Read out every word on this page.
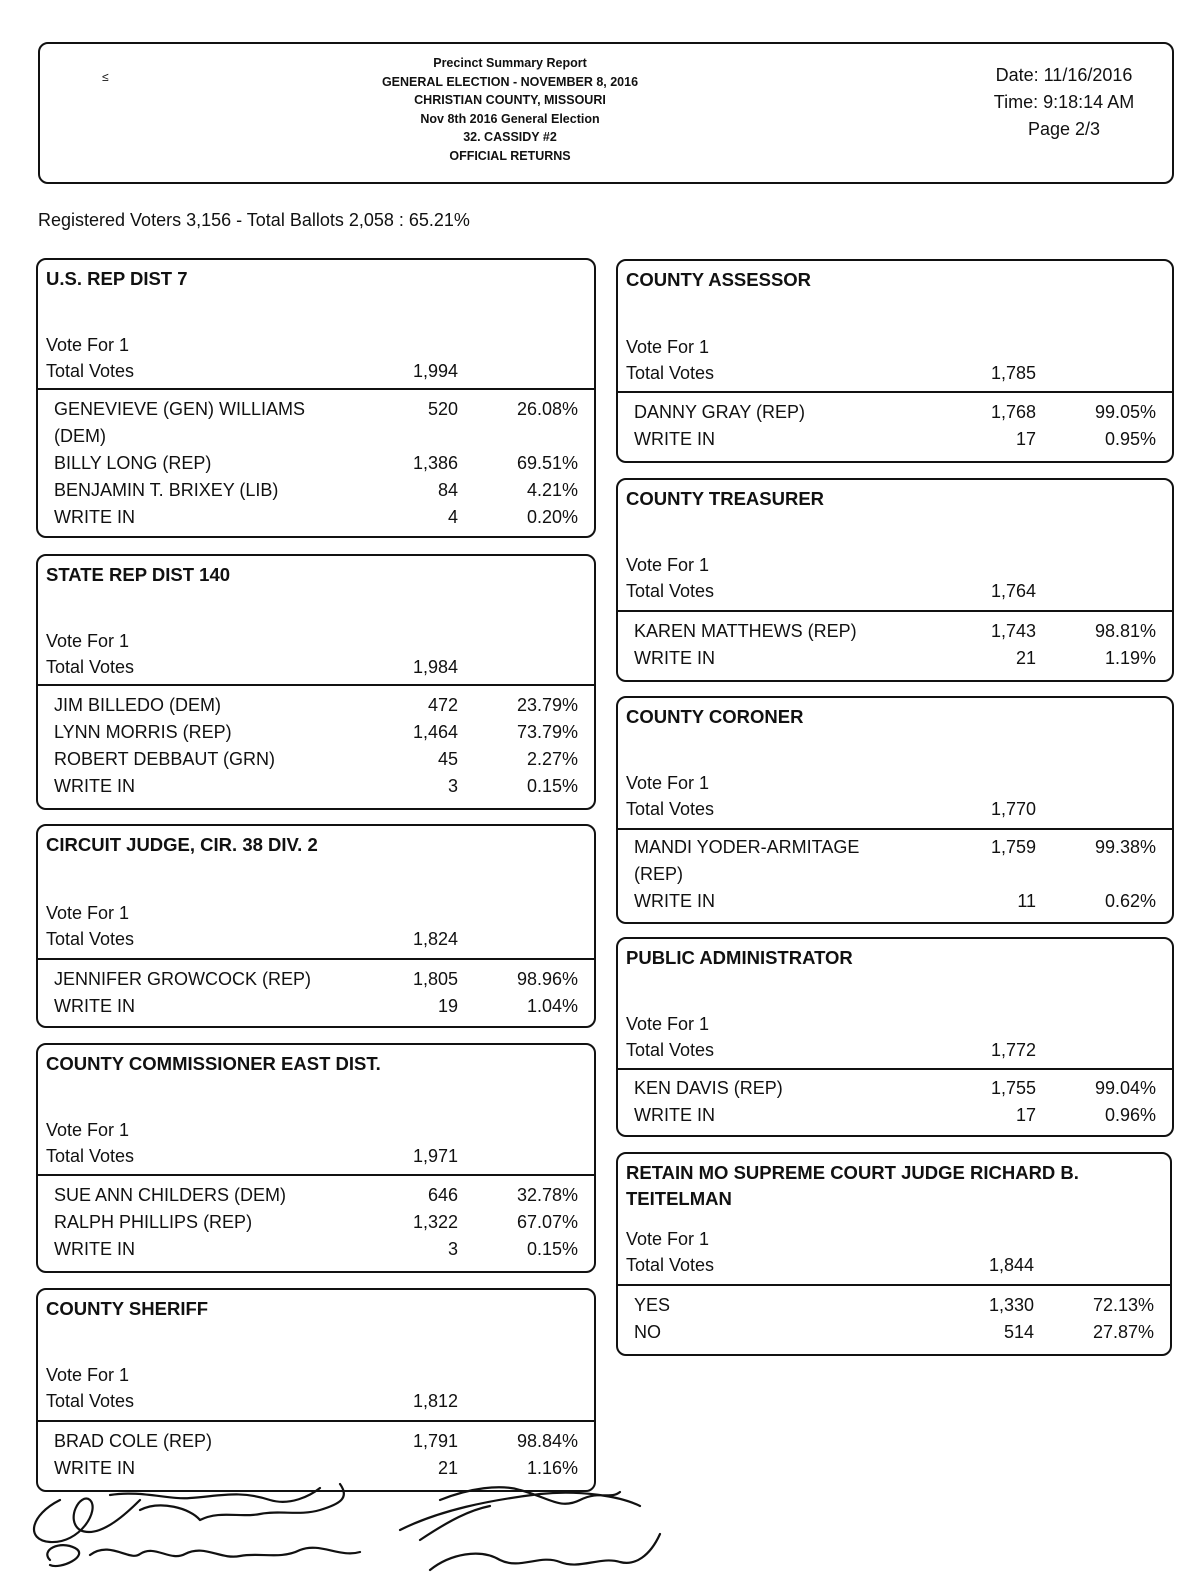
≤
Precinct Summary Report
GENERAL ELECTION - NOVEMBER 8, 2016
CHRISTIAN COUNTY, MISSOURI
Nov 8th 2016 General Election
32. CASSIDY #2
OFFICIAL RETURNS
Date: 11/16/2016
Time: 9:18:14 AM
Page 2/3
Registered Voters 3,156 - Total Ballots 2,058 : 65.21%
U.S. REP DIST 7
Vote For 1
Total Votes	1,994
GENEVIEVE (GEN) WILLIAMS (DEM)
520	26.08%
BILLY LONG (REP)	1,386	69.51%
BENJAMIN T. BRIXEY (LIB)	84	4.21%
WRITE IN	4	0.20%
STATE REP DIST 140
Vote For 1
Total Votes	1,984
JIM BILLEDO (DEM)	472	23.79%
LYNN MORRIS (REP)	1,464	73.79%
ROBERT DEBBAUT (GRN)	45	2.27%
WRITE IN	3	0.15%
CIRCUIT JUDGE, CIR. 38 DIV. 2
Vote For 1
Total Votes	1,824
JENNIFER GROWCOCK (REP)	1,805	98.96%
WRITE IN	19	1.04%
COUNTY COMMISSIONER EAST DIST.
Vote For 1
Total Votes	1,971
SUE ANN CHILDERS (DEM)	646	32.78%
RALPH PHILLIPS (REP)	1,322	67.07%
WRITE IN	3	0.15%
COUNTY SHERIFF
Vote For 1
Total Votes	1,812
BRAD COLE (REP)	1,791	98.84%
WRITE IN	21	1.16%
COUNTY ASSESSOR
Vote For 1
Total Votes	1,785
DANNY GRAY (REP)	1,768	99.05%
WRITE IN	17	0.95%
COUNTY TREASURER
Vote For 1
Total Votes	1,764
KAREN MATTHEWS (REP)	1,743	98.81%
WRITE IN	21	1.19%
COUNTY CORONER
Vote For 1
Total Votes	1,770
MANDI YODER-ARMITAGE (REP)
1,759	99.38%
WRITE IN	11	0.62%
PUBLIC ADMINISTRATOR
Vote For 1
Total Votes	1,772
KEN DAVIS (REP)	1,755	99.04%
WRITE IN	17	0.96%
RETAIN MO SUPREME COURT JUDGE RICHARD B. TEITELMAN
Vote For 1
Total Votes	1,844
YES	1,330	72.13%
NO	514	27.87%
